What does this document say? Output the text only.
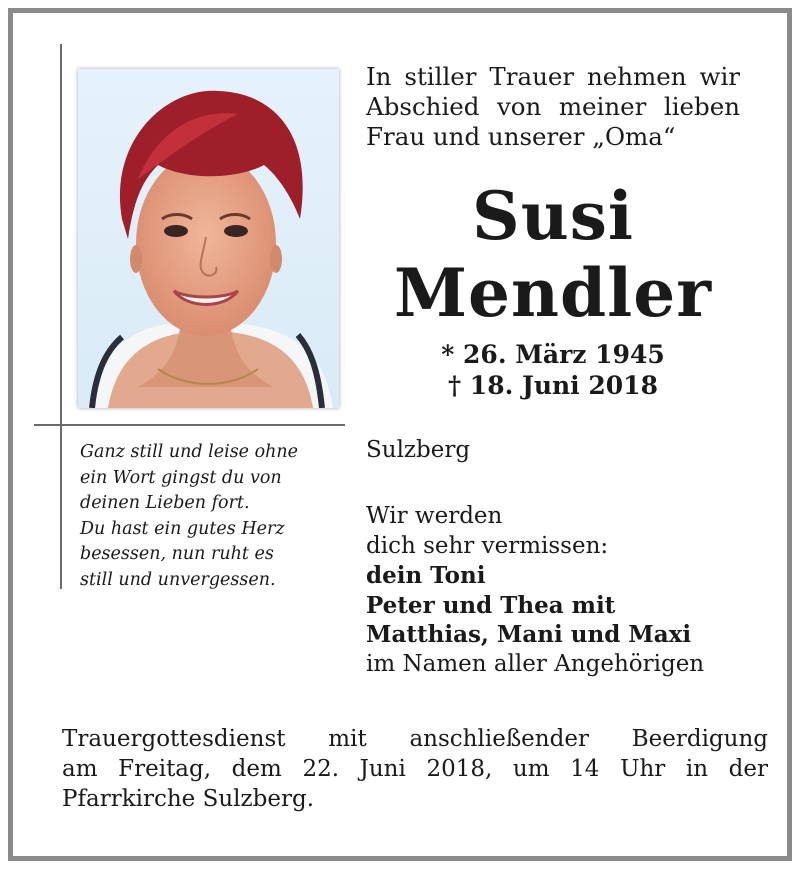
In stiller Trauer nehmen wir
Abschied von meiner lieben
Frau und unserer „Oma“
Susi
Mendler
* 26. März 1945
† 18. Juni 2018
Ganz still und leise ohne
ein Wort gingst du von
deinen Lieben fort.
Du hast ein gutes Herz
besessen, nun ruht es
still und unvergessen.
Sulzberg
Wir werden
dich sehr vermissen:
dein Toni
Peter und Thea mit
Matthias, Mani und Maxi
im Namen aller Angehörigen
Trauergottesdienst mit anschließender Beerdigung
am Freitag, dem 22. Juni 2018, um 14 Uhr in der
Pfarrkirche Sulzberg.
